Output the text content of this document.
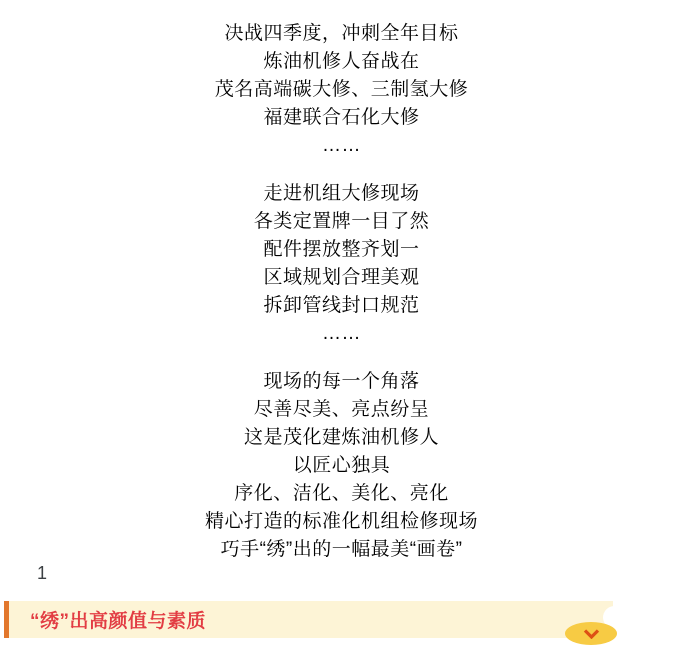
决战四季度，冲刺全年目标
炼油机修人奋战在
茂名高端碳大修、三制氢大修
福建联合石化大修
……
走进机组大修现场
各类定置牌一目了然
配件摆放整齐划一
区域规划合理美观
拆卸管线封口规范
……
现场的每一个角落
尽善尽美、亮点纷呈
这是茂化建炼油机修人
以匠心独具
序化、洁化、美化、亮化
精心打造的标准化机组检修现场
巧手“绣”出的一幅最美“画卷”
1
“绣”出高颜值与素质
